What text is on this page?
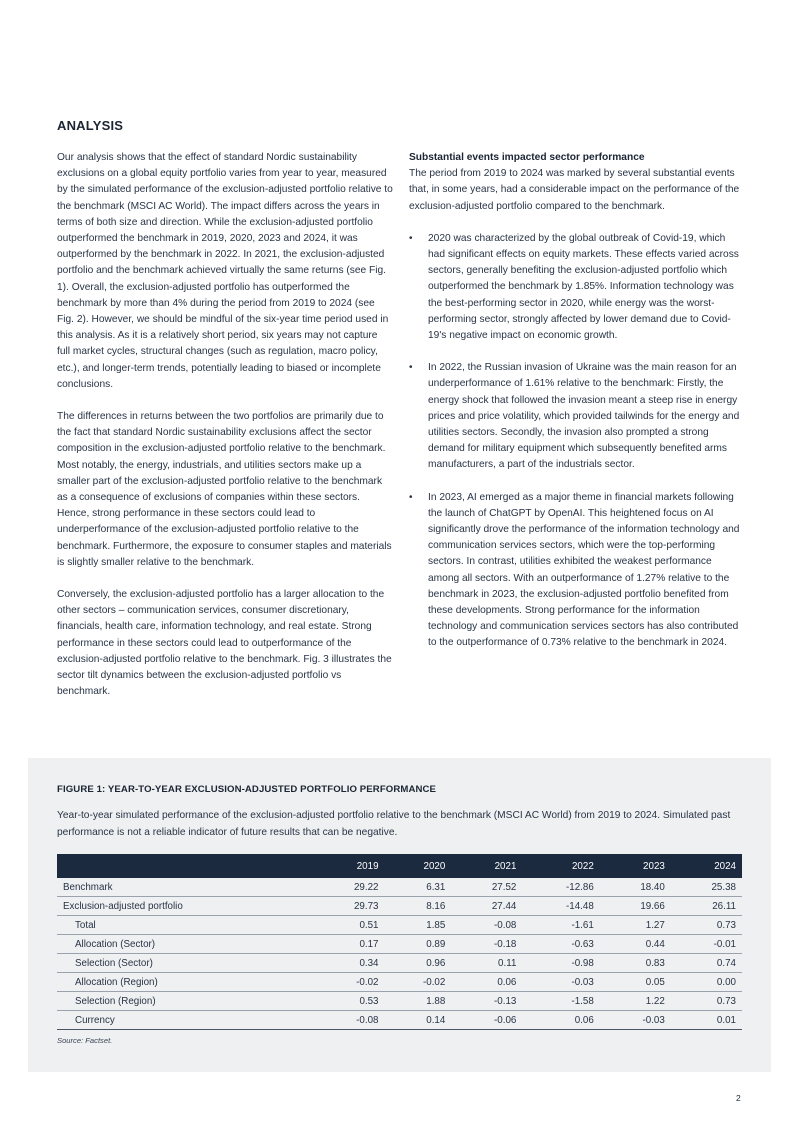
ANALYSIS

Our analysis shows that the effect of standard Nordic sustainability exclusions on a global equity portfolio varies from year to year, measured by the simulated performance of the exclusion-adjusted portfolio relative to the benchmark (MSCI AC World). The impact differs across the years in terms of both size and direction. While the exclusion-adjusted portfolio outperformed the benchmark in 2019, 2020, 2023 and 2024, it was outperformed by the benchmark in 2022. In 2021, the exclusion-adjusted portfolio and the benchmark achieved virtually the same returns (see Fig. 1). Overall, the exclusion-adjusted portfolio has outperformed the benchmark by more than 4% during the period from 2019 to 2024 (see Fig. 2). However, we should be mindful of the six-year time period used in this analysis. As it is a relatively short period, six years may not capture full market cycles, structural changes (such as regulation, macro policy, etc.), and longer-term trends, potentially leading to biased or incomplete conclusions.

The differences in returns between the two portfolios are primarily due to the fact that standard Nordic sustainability exclusions affect the sector composition in the exclusion-adjusted portfolio relative to the benchmark. Most notably, the energy, industrials, and utilities sectors make up a smaller part of the exclusion-adjusted portfolio relative to the benchmark as a consequence of exclusions of companies within these sectors. Hence, strong performance in these sectors could lead to underperformance of the exclusion-adjusted portfolio relative to the benchmark. Furthermore, the exposure to consumer staples and materials is slightly smaller relative to the benchmark.

Conversely, the exclusion-adjusted portfolio has a larger allocation to the other sectors – communication services, consumer discretionary, financials, health care, information technology, and real estate. Strong performance in these sectors could lead to outperformance of the exclusion-adjusted portfolio relative to the benchmark. Fig. 3 illustrates the sector tilt dynamics between the exclusion-adjusted portfolio vs benchmark.

Substantial events impacted sector performance

The period from 2019 to 2024 was marked by several substantial events that, in some years, had a considerable impact on the performance of the exclusion-adjusted portfolio compared to the benchmark.

• 2020 was characterized by the global outbreak of Covid-19, which had significant effects on equity markets. These effects varied across sectors, generally benefiting the exclusion-adjusted portfolio which outperformed the benchmark by 1.85%. Information technology was the best-performing sector in 2020, while energy was the worst-performing sector, strongly affected by lower demand due to Covid-19's negative impact on economic growth.
• In 2022, the Russian invasion of Ukraine was the main reason for an underperformance of 1.61% relative to the benchmark: Firstly, the energy shock that followed the invasion meant a steep rise in energy prices and price volatility, which provided tailwinds for the energy and utilities sectors. Secondly, the invasion also prompted a strong demand for military equipment which subsequently benefited arms manufacturers, a part of the industrials sector.
• In 2023, AI emerged as a major theme in financial markets following the launch of ChatGPT by OpenAI. This heightened focus on AI significantly drove the performance of the information technology and communication services sectors, which were the top-performing sectors. In contrast, utilities exhibited the weakest performance among all sectors. With an outperformance of 1.27% relative to the benchmark in 2023, the exclusion-adjusted portfolio benefited from these developments. Strong performance for the information technology and communication services sectors has also contributed to the outperformance of 0.73% relative to the benchmark in 2024.
FIGURE 1: YEAR-TO-YEAR EXCLUSION-ADJUSTED PORTFOLIO PERFORMANCE
Year-to-year simulated performance of the exclusion-adjusted portfolio relative to the benchmark (MSCI AC World) from 2019 to 2024. Simulated past performance is not a reliable indicator of future results that can be negative.
	2019	2020	2021	2022	2023	2024
Benchmark	29.22	6.31	27.52	-12.86	18.40	25.38
Exclusion-adjusted portfolio	29.73	8.16	27.44	-14.48	19.66	26.11
Total	0.51	1.85	-0.08	-1.61	1.27	0.73
Allocation (Sector)	0.17	0.89	-0.18	-0.63	0.44	-0.01
Selection (Sector)	0.34	0.96	0.11	-0.98	0.83	0.74
Allocation (Region)	-0.02	-0.02	0.06	-0.03	0.05	0.00
Selection (Region)	0.53	1.88	-0.13	-1.58	1.22	0.73
Currency	-0.08	0.14	-0.06	0.06	-0.03	0.01
Source: Factset.
2
